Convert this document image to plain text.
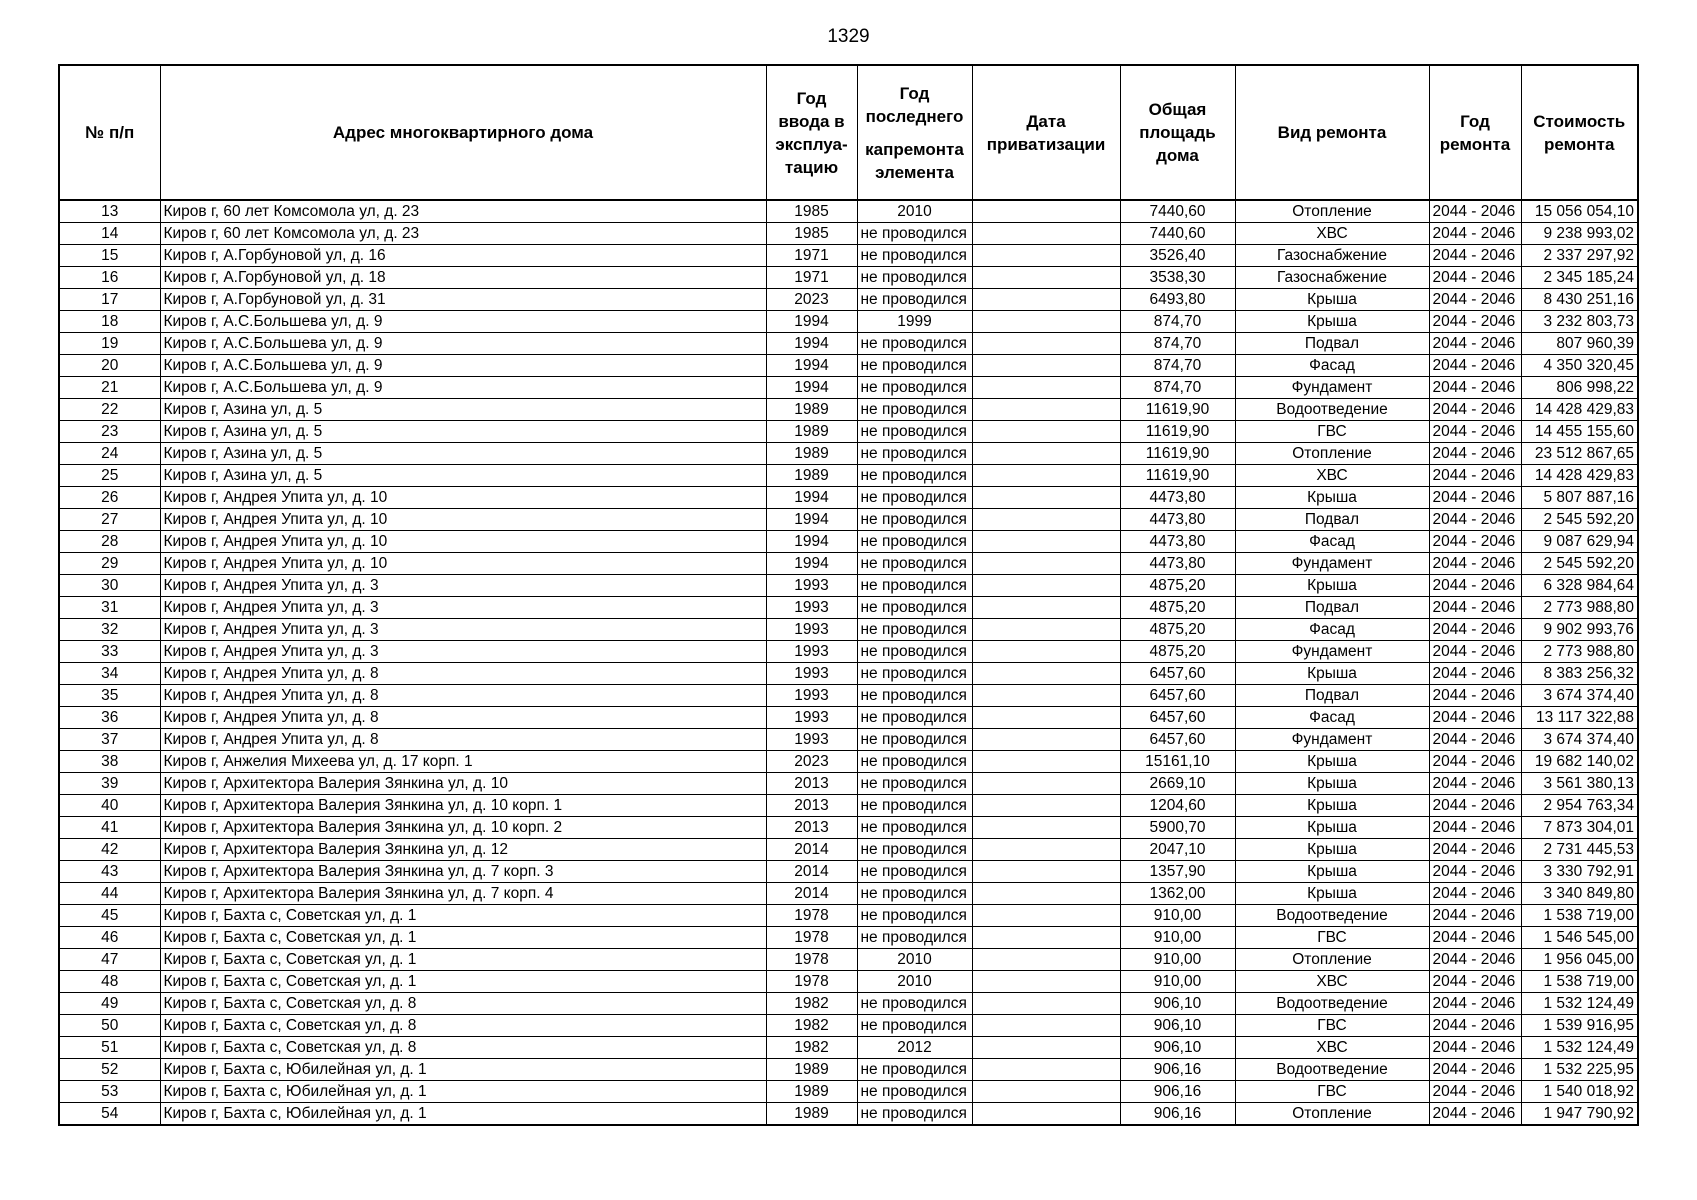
1329
№ п/п	Адрес многоквартирного дома	Год ввода в эксплуа-тацию	Год последнего
капремонта элемента	Дата приватизации	Общая площадь дома	Вид ремонта	Год ремонта	Стоимость ремонта
13	Киров г, 60 лет Комсомола ул, д. 23	1985	2010		7440,60	Отопление	2044 - 2046	15 056 054,10
14	Киров г, 60 лет Комсомола ул, д. 23	1985	не проводился		7440,60	ХВС	2044 - 2046	9 238 993,02
15	Киров г, А.Горбуновой ул, д. 16	1971	не проводился		3526,40	Газоснабжение	2044 - 2046	2 337 297,92
16	Киров г, А.Горбуновой ул, д. 18	1971	не проводился		3538,30	Газоснабжение	2044 - 2046	2 345 185,24
17	Киров г, А.Горбуновой ул, д. 31	2023	не проводился		6493,80	Крыша	2044 - 2046	8 430 251,16
18	Киров г, А.С.Большева ул, д. 9	1994	1999		874,70	Крыша	2044 - 2046	3 232 803,73
19	Киров г, А.С.Большева ул, д. 9	1994	не проводился		874,70	Подвал	2044 - 2046	807 960,39
20	Киров г, А.С.Большева ул, д. 9	1994	не проводился		874,70	Фасад	2044 - 2046	4 350 320,45
21	Киров г, А.С.Большева ул, д. 9	1994	не проводился		874,70	Фундамент	2044 - 2046	806 998,22
22	Киров г, Азина ул, д. 5	1989	не проводился		11619,90	Водоотведение	2044 - 2046	14 428 429,83
23	Киров г, Азина ул, д. 5	1989	не проводился		11619,90	ГВС	2044 - 2046	14 455 155,60
24	Киров г, Азина ул, д. 5	1989	не проводился		11619,90	Отопление	2044 - 2046	23 512 867,65
25	Киров г, Азина ул, д. 5	1989	не проводился		11619,90	ХВС	2044 - 2046	14 428 429,83
26	Киров г, Андрея Упита ул, д. 10	1994	не проводился		4473,80	Крыша	2044 - 2046	5 807 887,16
27	Киров г, Андрея Упита ул, д. 10	1994	не проводился		4473,80	Подвал	2044 - 2046	2 545 592,20
28	Киров г, Андрея Упита ул, д. 10	1994	не проводился		4473,80	Фасад	2044 - 2046	9 087 629,94
29	Киров г, Андрея Упита ул, д. 10	1994	не проводился		4473,80	Фундамент	2044 - 2046	2 545 592,20
30	Киров г, Андрея Упита ул, д. 3	1993	не проводился		4875,20	Крыша	2044 - 2046	6 328 984,64
31	Киров г, Андрея Упита ул, д. 3	1993	не проводился		4875,20	Подвал	2044 - 2046	2 773 988,80
32	Киров г, Андрея Упита ул, д. 3	1993	не проводился		4875,20	Фасад	2044 - 2046	9 902 993,76
33	Киров г, Андрея Упита ул, д. 3	1993	не проводился		4875,20	Фундамент	2044 - 2046	2 773 988,80
34	Киров г, Андрея Упита ул, д. 8	1993	не проводился		6457,60	Крыша	2044 - 2046	8 383 256,32
35	Киров г, Андрея Упита ул, д. 8	1993	не проводился		6457,60	Подвал	2044 - 2046	3 674 374,40
36	Киров г, Андрея Упита ул, д. 8	1993	не проводился		6457,60	Фасад	2044 - 2046	13 117 322,88
37	Киров г, Андрея Упита ул, д. 8	1993	не проводился		6457,60	Фундамент	2044 - 2046	3 674 374,40
38	Киров г, Анжелия Михеева ул, д. 17 корп. 1	2023	не проводился		15161,10	Крыша	2044 - 2046	19 682 140,02
39	Киров г, Архитектора Валерия Зянкина ул, д. 10	2013	не проводился		2669,10	Крыша	2044 - 2046	3 561 380,13
40	Киров г, Архитектора Валерия Зянкина ул, д. 10 корп. 1	2013	не проводился		1204,60	Крыша	2044 - 2046	2 954 763,34
41	Киров г, Архитектора Валерия Зянкина ул, д. 10 корп. 2	2013	не проводился		5900,70	Крыша	2044 - 2046	7 873 304,01
42	Киров г, Архитектора Валерия Зянкина ул, д. 12	2014	не проводился		2047,10	Крыша	2044 - 2046	2 731 445,53
43	Киров г, Архитектора Валерия Зянкина ул, д. 7 корп. 3	2014	не проводился		1357,90	Крыша	2044 - 2046	3 330 792,91
44	Киров г, Архитектора Валерия Зянкина ул, д. 7 корп. 4	2014	не проводился		1362,00	Крыша	2044 - 2046	3 340 849,80
45	Киров г, Бахта с, Советская ул, д. 1	1978	не проводился		910,00	Водоотведение	2044 - 2046	1 538 719,00
46	Киров г, Бахта с, Советская ул, д. 1	1978	не проводился		910,00	ГВС	2044 - 2046	1 546 545,00
47	Киров г, Бахта с, Советская ул, д. 1	1978	2010		910,00	Отопление	2044 - 2046	1 956 045,00
48	Киров г, Бахта с, Советская ул, д. 1	1978	2010		910,00	ХВС	2044 - 2046	1 538 719,00
49	Киров г, Бахта с, Советская ул, д. 8	1982	не проводился		906,10	Водоотведение	2044 - 2046	1 532 124,49
50	Киров г, Бахта с, Советская ул, д. 8	1982	не проводился		906,10	ГВС	2044 - 2046	1 539 916,95
51	Киров г, Бахта с, Советская ул, д. 8	1982	2012		906,10	ХВС	2044 - 2046	1 532 124,49
52	Киров г, Бахта с, Юбилейная ул, д. 1	1989	не проводился		906,16	Водоотведение	2044 - 2046	1 532 225,95
53	Киров г, Бахта с, Юбилейная ул, д. 1	1989	не проводился		906,16	ГВС	2044 - 2046	1 540 018,92
54	Киров г, Бахта с, Юбилейная ул, д. 1	1989	не проводился		906,16	Отопление	2044 - 2046	1 947 790,92
